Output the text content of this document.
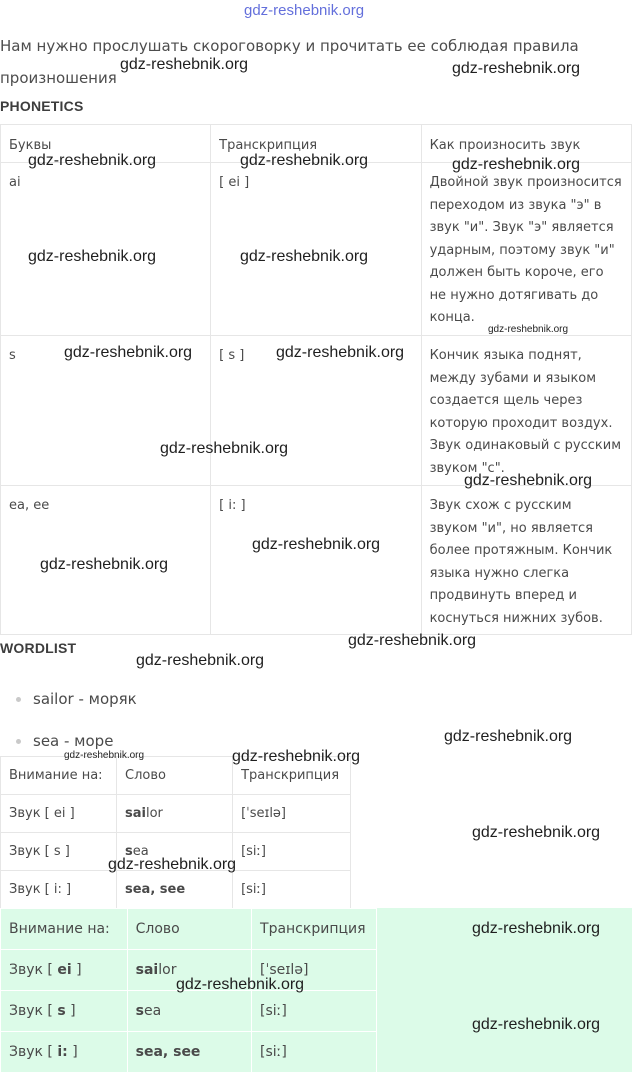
gdz-reshebnik.org
Нам нужно прослушать скороговорку и прочитать ее соблюдая правила произношения
PHONETICS
Буквы	Транскрипция	Как произносить звук
ai	[ ei ]	Двойной звук произносится переходом из звука "э" в звук "и". Звук "э" является ударным, поэтому звук "и" должен быть короче, его не нужно дотягивать до конца.
s	[ s ]	Кончик языка поднят, между зубами и языком создается щель через которую проходит воздух. Звук одинаковый с русским звуком "с".
ea, ee	[ i: ]	Звук схож с русским звуком "и", но является более протяжным. Кончик языка нужно слегка продвинуть вперед и коснуться нижних зубов.
WORDLIST
sailor - моряк
sea - море
Внимание на:	Слово	Транскрипция
Звук [ ei ]	sailor	[ˈseɪlə]
Звук [ s ]	sea	[siː]
Звук [ i: ]	sea, see	[siː]
Внимание на:	Слово	Транскрипция
Звук [ ei ]	sailor	[ˈseɪlə]
Звук [ s ]	sea	[siː]
Звук [ i: ]	sea, see	[siː]
gdz-reshebnik.org	gdz-reshebnik.org
gdz-reshebnik.org	gdz-reshebnik.org	gdz-reshebnik.org
gdz-reshebnik.org	gdz-reshebnik.org
gdz-reshebnik.org
gdz-reshebnik.org	gdz-reshebnik.org
gdz-reshebnik.org
gdz-reshebnik.org
gdz-reshebnik.org
gdz-reshebnik.org
gdz-reshebnik.org
gdz-reshebnik.org
gdz-reshebnik.org
gdz-reshebnik.org
gdz-reshebnik.org
gdz-reshebnik.org
gdz-reshebnik.org
gdz-reshebnik.org
gdz-reshebnik.org
gdz-reshebnik.org
